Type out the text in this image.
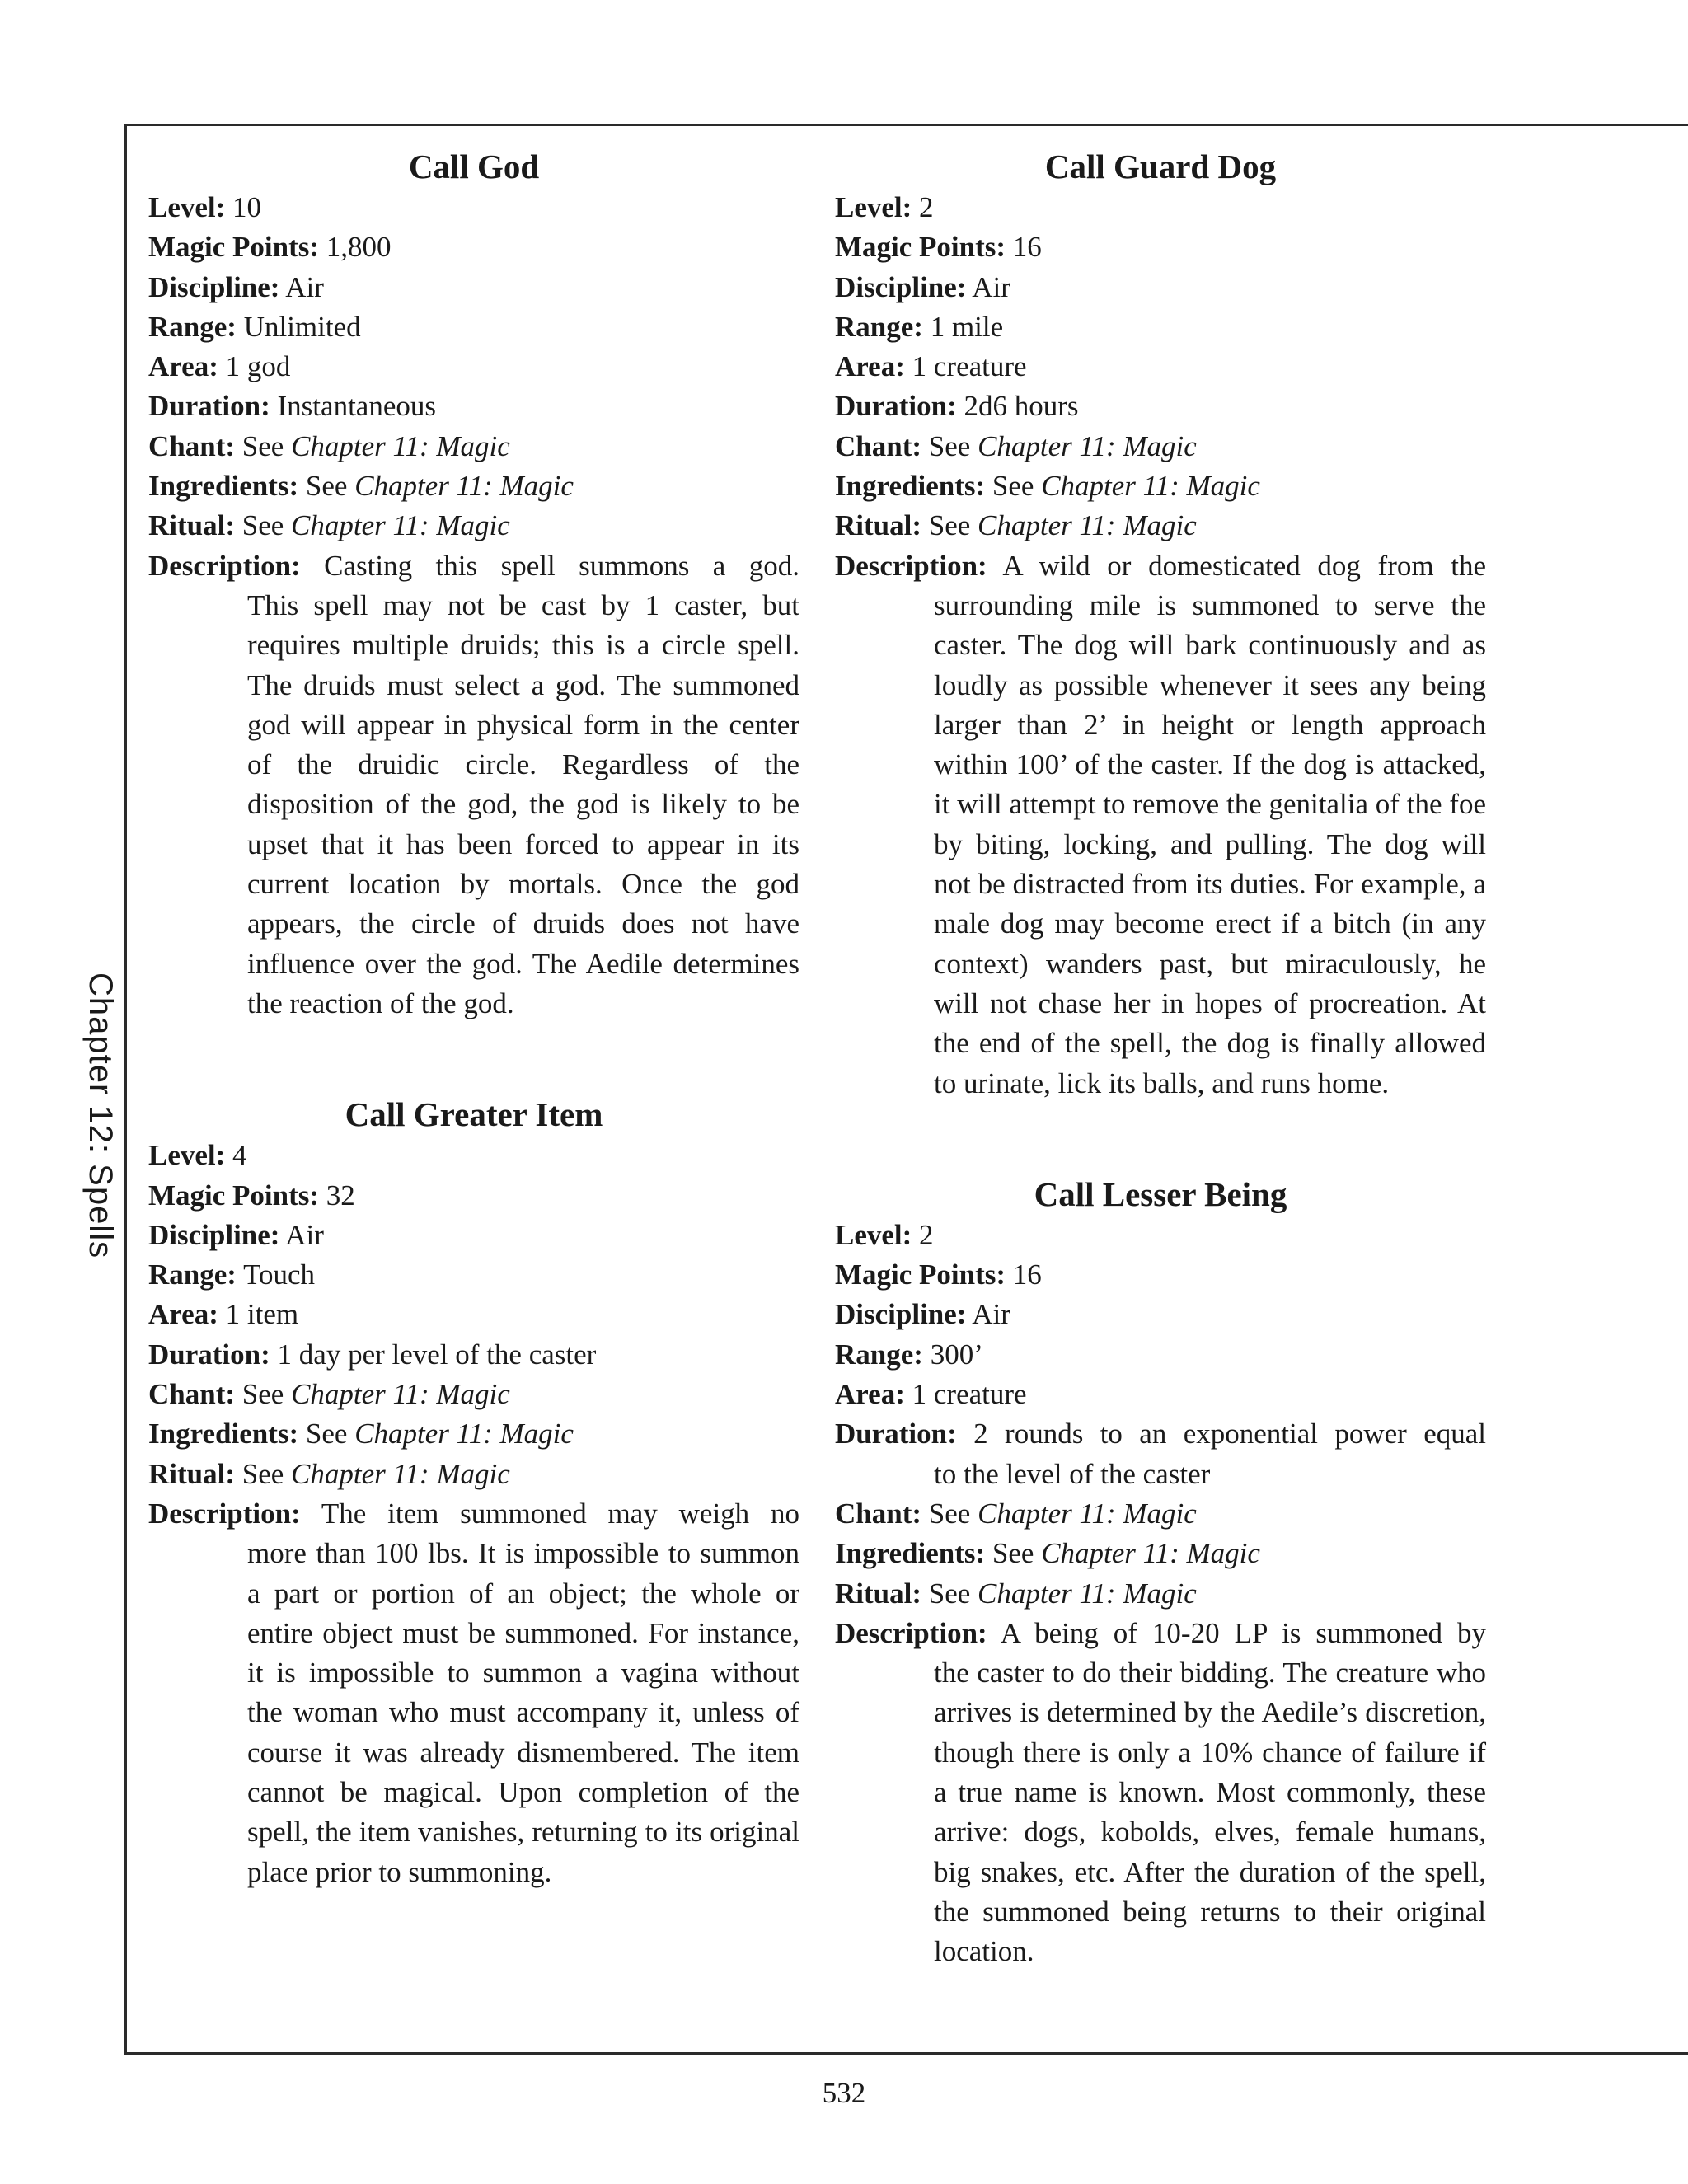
Chapter 12: Spells
Call God
Level: 10
Magic Points: 1,800
Discipline: Air
Range: Unlimited
Area: 1 god
Duration: Instantaneous
Chant: See Chapter 11: Magic
Ingredients: See Chapter 11: Magic
Ritual: See Chapter 11: Magic
Description: Casting this spell summons a god.
This spell may not be cast by 1 caster, but requires multiple druids; this is a circle spell. The druids must select a god. The summoned god will appear in physical form in the center of the druidic circle. Regardless of the disposition of the god, the god is likely to be upset that it has been forced to appear in its current location by mortals. Once the god appears, the circle of druids does not have influence over the god. The Aedile determines the reaction of the god.
Call Greater Item
Level: 4
Magic Points: 32
Discipline: Air
Range: Touch
Area: 1 item
Duration: 1 day per level of the caster
Chant: See Chapter 11: Magic
Ingredients: See Chapter 11: Magic
Ritual: See Chapter 11: Magic
Description: The item summoned may weigh no
more than 100 lbs. It is impossible to summon a part or portion of an object; the whole or entire object must be summoned. For instance, it is impossible to summon a vagina without the woman who must accompany it, unless of course it was already dismembered. The item cannot be magical. Upon completion of the spell, the item vanishes, returning to its original place prior to summoning.
Call Guard Dog
Level: 2
Magic Points: 16
Discipline: Air
Range: 1 mile
Area: 1 creature
Duration: 2d6 hours
Chant: See Chapter 11: Magic
Ingredients: See Chapter 11: Magic
Ritual: See Chapter 11: Magic
Description: A wild or domesticated dog from the
surrounding mile is summoned to serve the caster. The dog will bark continuously and as loudly as possible whenever it sees any being larger than 2’ in height or length approach within 100’ of the caster. If the dog is attacked, it will attempt to remove the genitalia of the foe by biting, locking, and pulling. The dog will not be distracted from its duties. For example, a male dog may become erect if a bitch (in any context) wanders past, but miraculously, he will not chase her in hopes of procreation. At the end of the spell, the dog is finally allowed to urinate, lick its balls, and runs home.
Call Lesser Being
Level: 2
Magic Points: 16
Discipline: Air
Range: 300’
Area: 1 creature
Duration: 2 rounds to an exponential power equal
to the level of the caster
Chant: See Chapter 11: Magic
Ingredients: See Chapter 11: Magic
Ritual: See Chapter 11: Magic
Description: A being of 10-20 LP is summoned by
the caster to do their bidding. The creature who arrives is determined by the Aedile’s discretion, though there is only a 10% chance of failure if a true name is known. Most commonly, these arrive: dogs, kobolds, elves, female humans, big snakes, etc. After the duration of the spell, the summoned being returns to their original location.
532
